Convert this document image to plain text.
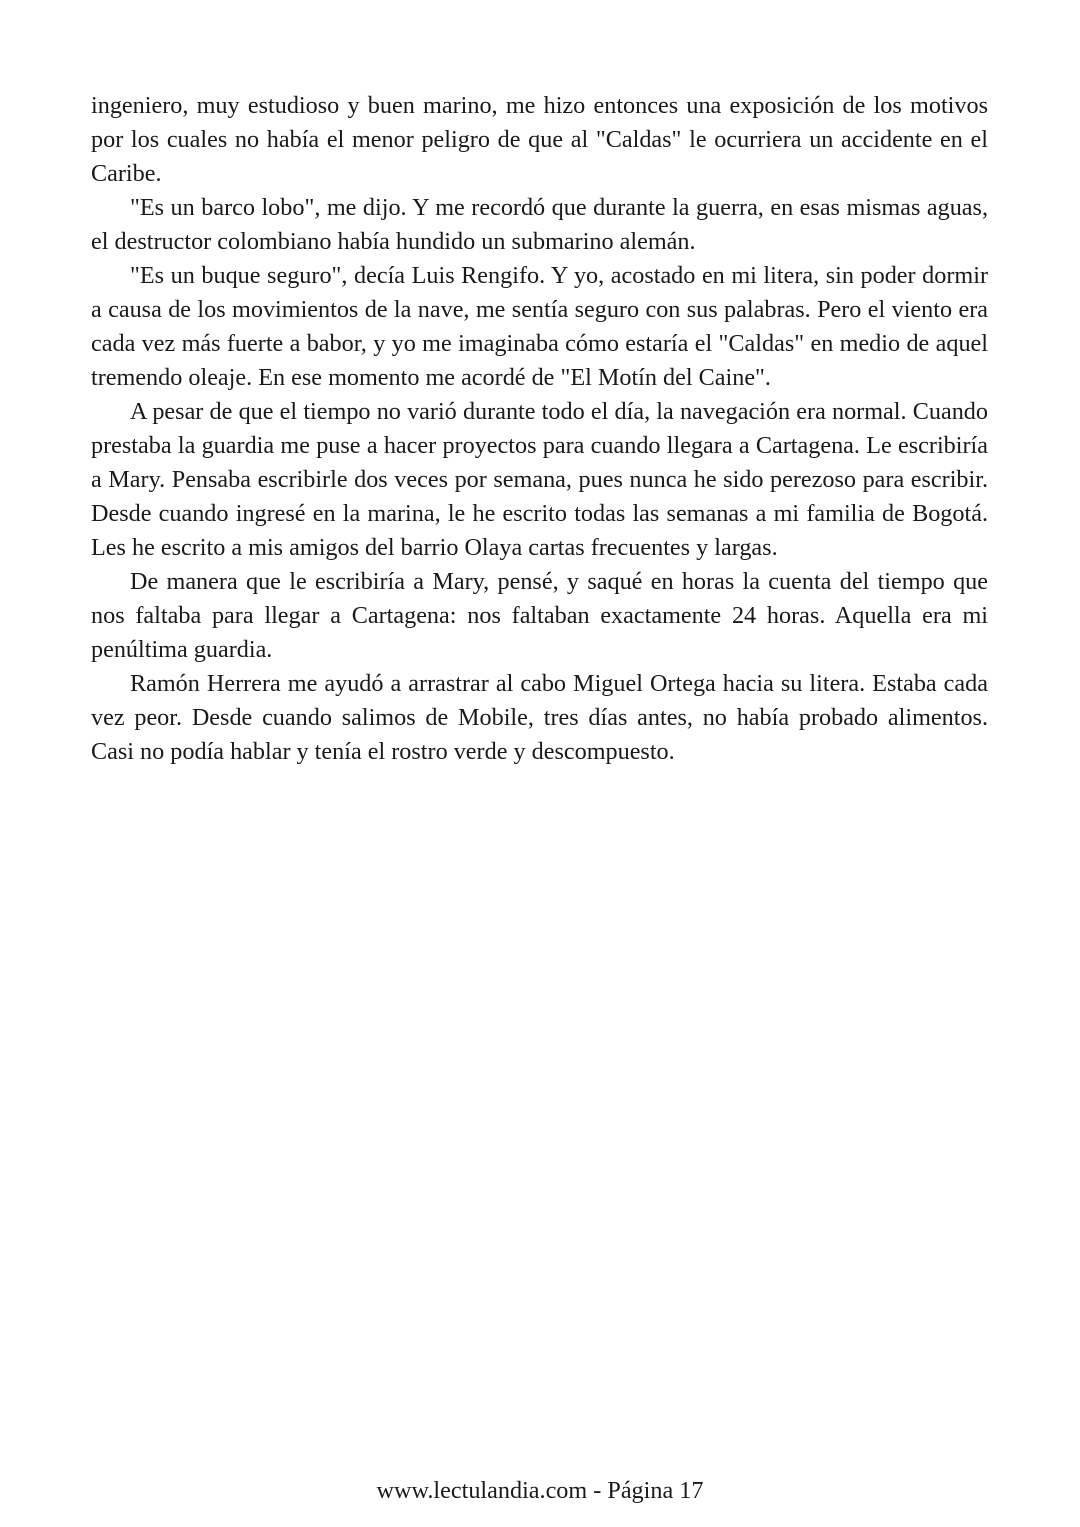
ingeniero, muy estudioso y buen marino, me hizo entonces una exposición de los motivos por los cuales no había el menor peligro de que al "Caldas" le ocurriera un accidente en el Caribe.

"Es un barco lobo", me dijo. Y me recordó que durante la guerra, en esas mismas aguas, el destructor colombiano había hundido un submarino alemán.

"Es un buque seguro", decía Luis Rengifo. Y yo, acostado en mi litera, sin poder dormir a causa de los movimientos de la nave, me sentía seguro con sus palabras. Pero el viento era cada vez más fuerte a babor, y yo me imaginaba cómo estaría el "Caldas" en medio de aquel tremendo oleaje. En ese momento me acordé de "El Motín del Caine".

A pesar de que el tiempo no varió durante todo el día, la navegación era normal. Cuando prestaba la guardia me puse a hacer proyectos para cuando llegara a Cartagena. Le escribiría a Mary. Pensaba escribirle dos veces por semana, pues nunca he sido perezoso para escribir. Desde cuando ingresé en la marina, le he escrito todas las semanas a mi familia de Bogotá. Les he escrito a mis amigos del barrio Olaya cartas frecuentes y largas.

De manera que le escribiría a Mary, pensé, y saqué en horas la cuenta del tiempo que nos faltaba para llegar a Cartagena: nos faltaban exactamente 24 horas. Aquella era mi penúltima guardia.

Ramón Herrera me ayudó a arrastrar al cabo Miguel Ortega hacia su litera. Estaba cada vez peor. Desde cuando salimos de Mobile, tres días antes, no había probado alimentos. Casi no podía hablar y tenía el rostro verde y descompuesto.

www.lectulandia.com - Página 17
